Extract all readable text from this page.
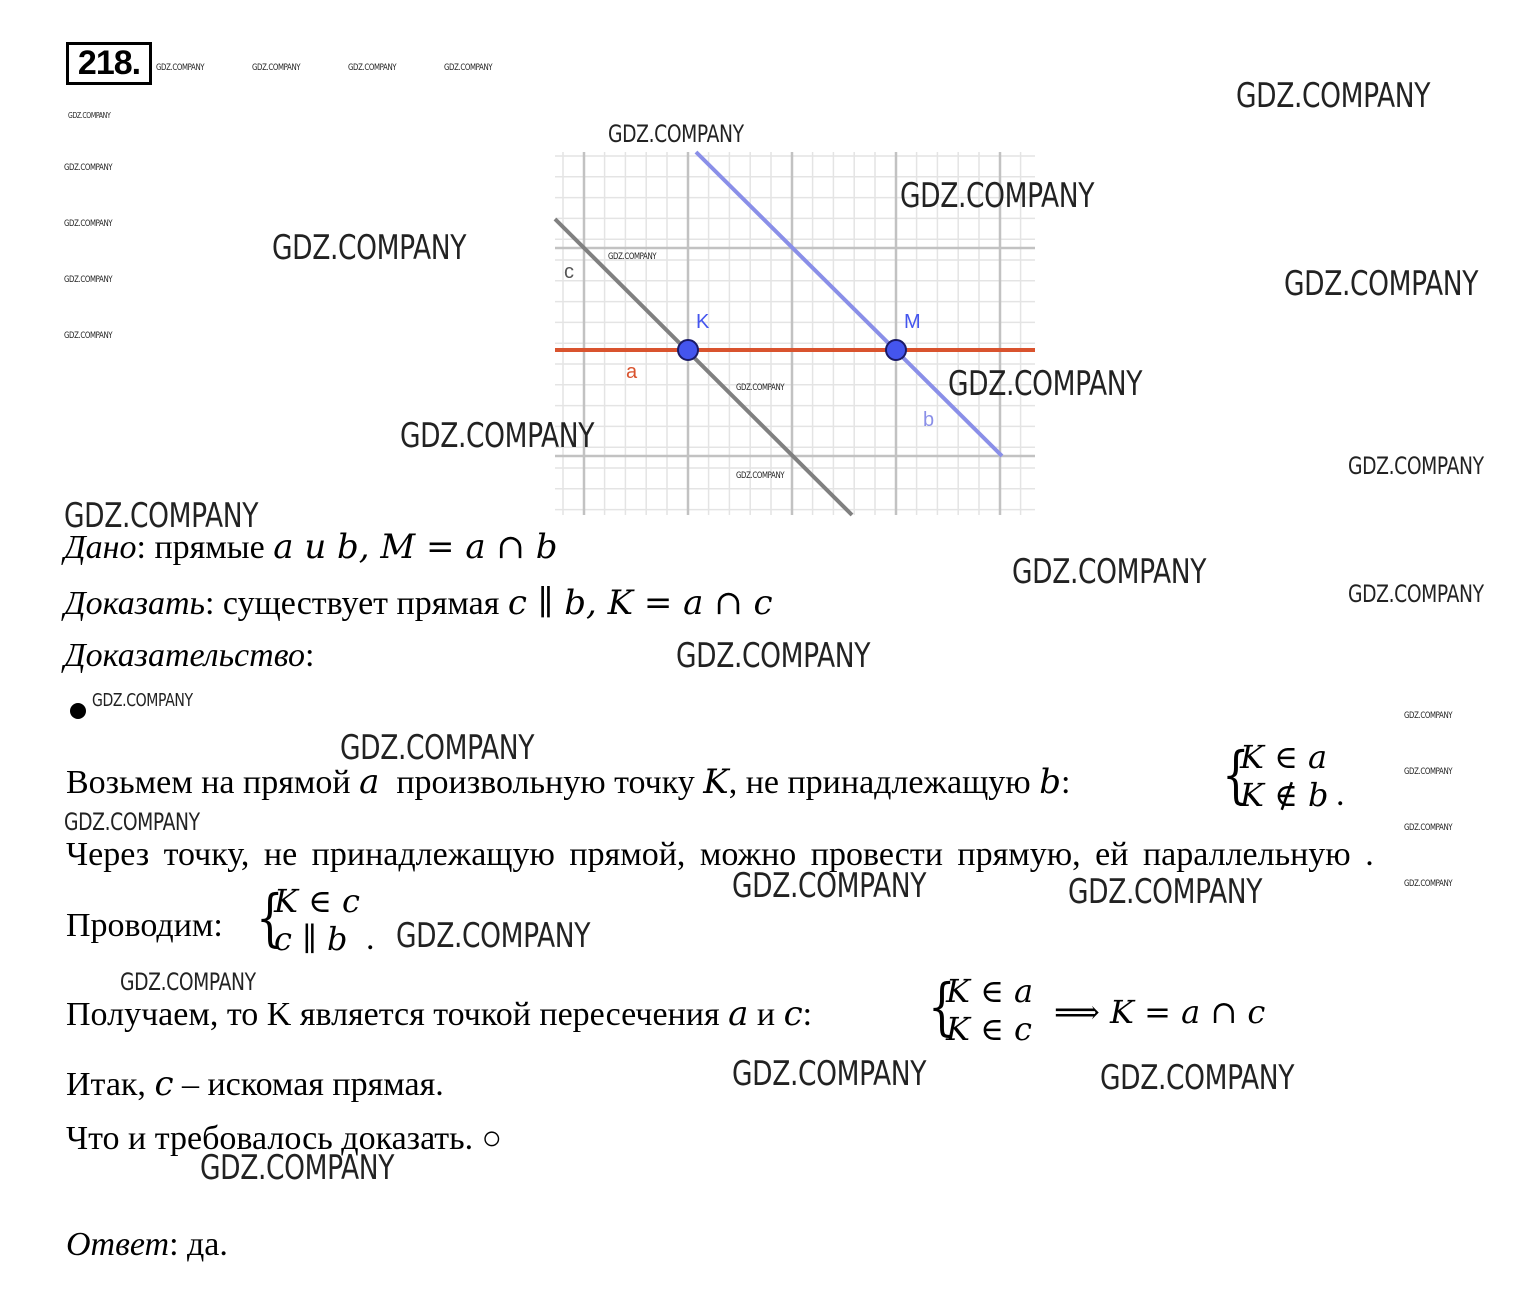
218.
c
K	M
a
b
Дано: прямые a и b, M = a ∩ b
Доказать: существует прямая c ∥ b, K = a ∩ c
Доказательство:
Возьмем на прямой a  произвольную точку K, не принадлежащую b: {
K ∈ a
K ∉ b .
Через точку, не принадлежащую прямой, можно провести прямую, ей параллельную .
Проводим: {
K ∈ c
c ∥ b .
Получаем, то K является точкой пересечения a и c: {
K ∈ a
K ∈ c ⟹ K = a ∩ c
Итак, c – искомая прямая.
Что и требовалось доказать. ○
Ответ: да.
GDZ.COMPANY	GDZ.COMPANY	GDZ.COMPANY	GDZ.COMPANY
GDZ.COMPANY
GDZ.COMPANY
GDZ.COMPANY
GDZ.COMPANY
GDZ.COMPANY
GDZ.COMPANY
GDZ.COMPANY
GDZ.COMPANY
GDZ.COMPANY
GDZ.COMPANY
GDZ.COMPANY
GDZ.COMPANY
GDZ.COMPANY
GDZ.COMPANY
GDZ.COMPANY
GDZ.COMPANY
GDZ.COMPANY
GDZ.COMPANY
GDZ.COMPANY
GDZ.COMPANY
GDZ.COMPANY
GDZ.COMPANY
GDZ.COMPANY
GDZ.COMPANY
GDZ.COMPANY	GDZ.COMPANY
GDZ.COMPANY	GDZ.COMPANY	GDZ.COMPANY
GDZ.COMPANY
GDZ.COMPANY
GDZ.COMPANY	GDZ.COMPANY
GDZ.COMPANY
